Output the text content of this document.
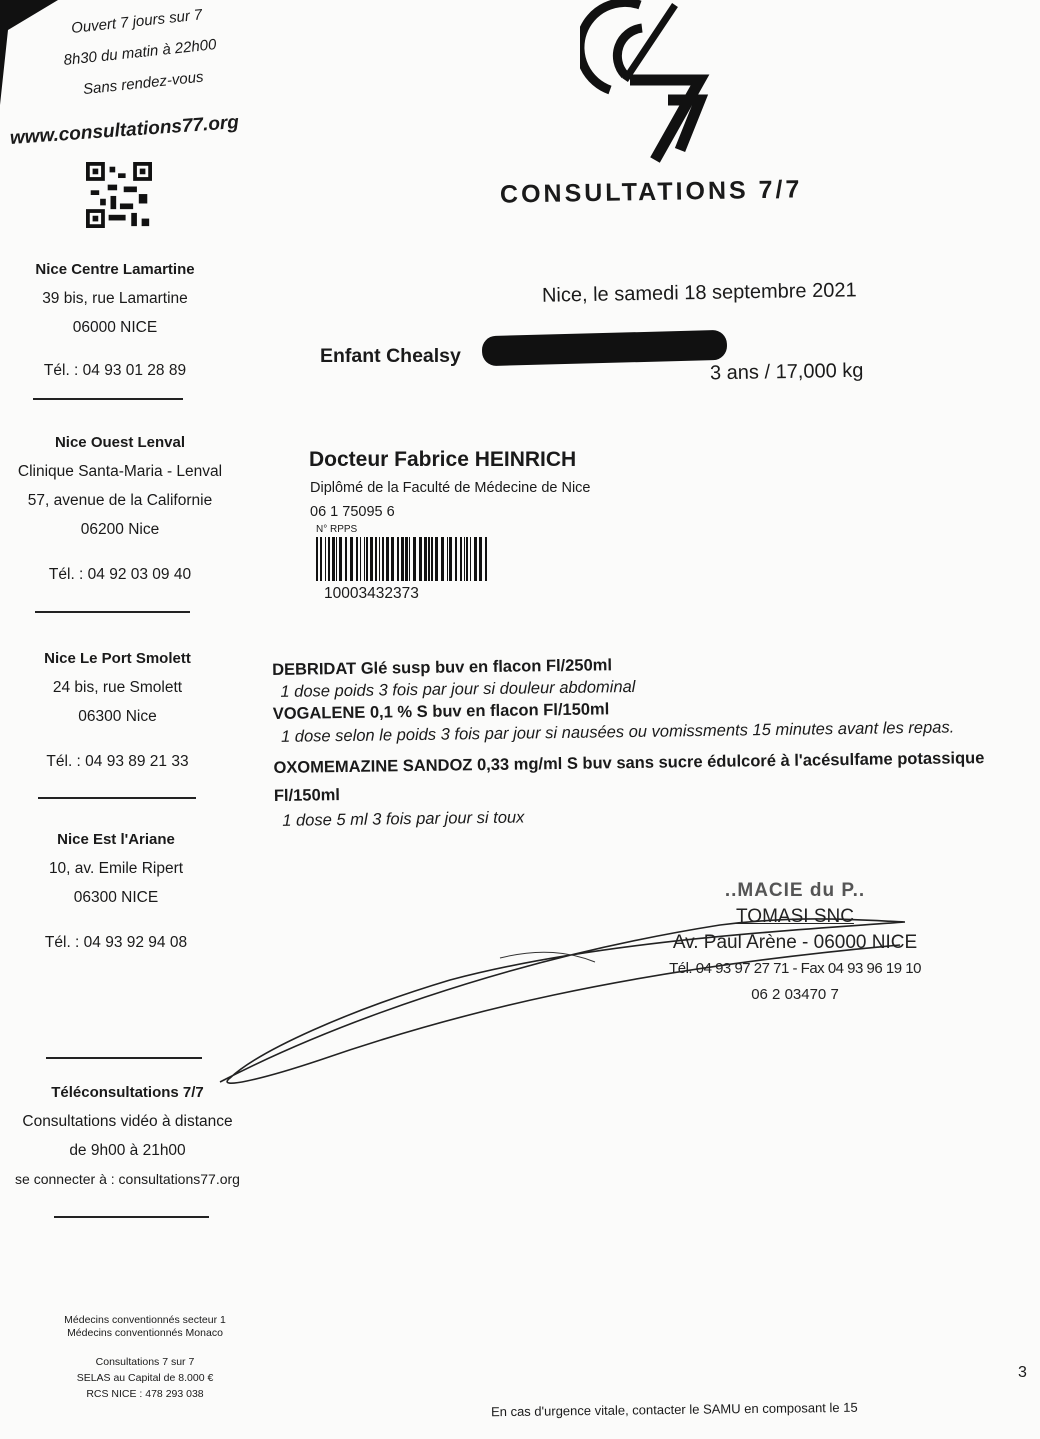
Ouvert 7 jours sur 7
8h30 du matin à 22h00
Sans rendez-vous
www.consultations77.org
Nice Centre Lamartine
39 bis, rue Lamartine
06000 NICE
Tél. : 04 93 01 28 89
Nice Ouest Lenval
Clinique Santa-Maria - Lenval
57, avenue de la Californie
06200 Nice
Tél. : 04 92 03 09 40
Nice Le Port Smolett
24 bis, rue Smolett
06300 Nice
Tél. : 04 93 89 21 33
Nice Est l'Ariane
10, av. Emile Ripert
06300 NICE
Tél. : 04 93 92 94 08
Téléconsultations 7/7
Consultations vidéo à distance
de 9h00 à 21h00
se connecter à : consultations77.org
Médecins conventionnés secteur 1
Médecins conventionnés Monaco
Consultations 7 sur 7
SELAS au Capital de 8.000 €
RCS NICE : 478 293 038
CONSULTATIONS 7/7
Nice, le samedi 18 septembre 2021
Enfant Chealsy
3 ans / 17,000 kg
Docteur Fabrice HEINRICH
Diplômé de la Faculté de Médecine de Nice
06 1 75095 6
N° RPPS
10003432373
DEBRIDAT Glé susp buv en flacon Fl/250ml
1 dose poids 3 fois par jour si douleur abdominal
VOGALENE 0,1 % S buv en flacon Fl/150ml
1 dose selon le poids 3 fois par jour si nausées ou vomissments 15 minutes avant les repas.
OXOMEMAZINE SANDOZ 0,33 mg/ml S buv sans sucre édulcoré à l'acésulfame potassique Fl/150ml
1 dose 5 ml 3 fois par jour si toux
..MACIE du P..
TOMASI SNC
Av. Paul Arène - 06000 NICE
Tél. 04 93 97 27 71 - Fax 04 93 96 19 10
06 2 03470 7
3
En cas d'urgence vitale, contacter le SAMU en composant le 15
